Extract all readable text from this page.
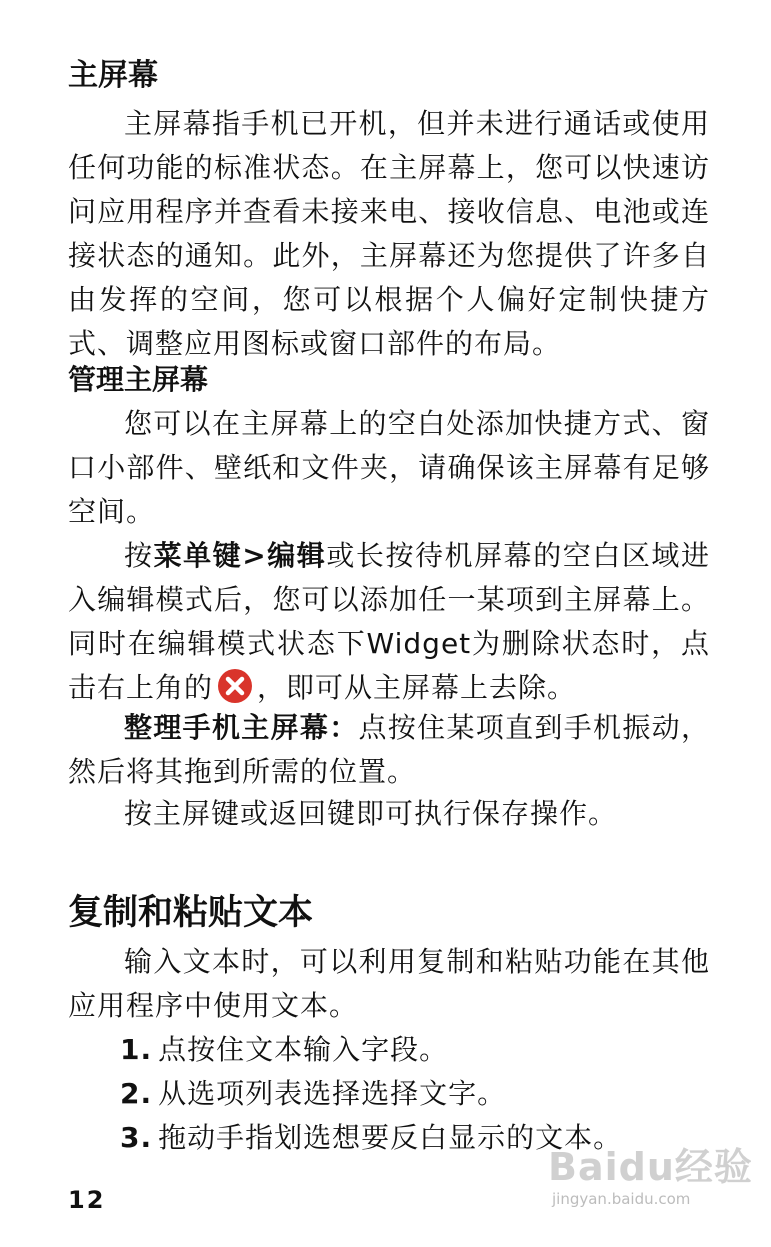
主屏幕

主屏幕指手机已开机，但并未进行通话或使用任何功能的标准状态。在主屏幕上，您可以快速访问应用程序并查看未接来电、接收信息、电池或连接状态的通知。此外，主屏幕还为您提供了许多自由发挥的空间，您可以根据个人偏好定制快捷方式、调整应用图标或窗口部件的布局。

管理主屏幕

您可以在主屏幕上的空白处添加快捷方式、窗口小部件、壁纸和文件夹，请确保该主屏幕有足够空间。

按菜单键>编辑或长按待机屏幕的空白区域进入编辑模式后，您可以添加任一某项到主屏幕上。同时在编辑模式状态下Widget为删除状态时，点击右上角的 ，即可从主屏幕上去除。

整理手机主屏幕：点按住某项直到手机振动，然后将其拖到所需的位置。

按主屏键或返回键即可执行保存操作。

复制和粘贴文本

输入文本时，可以利用复制和粘贴功能在其他应用程序中使用文本。

1. 点按住文本输入字段。
2. 从选项列表选择选择文字。
3. 拖动手指划选想要反白显示的文本。
12
Baidu经验
jingyan.baidu.com
